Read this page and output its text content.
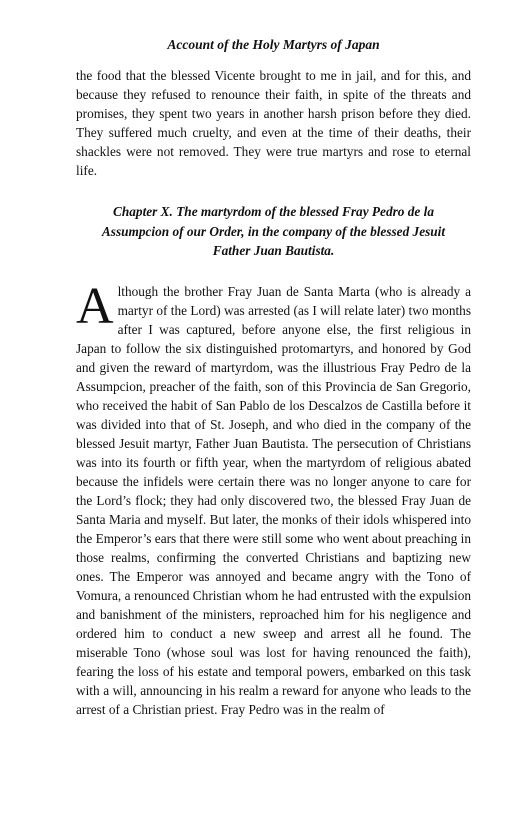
Account of the Holy Martyrs of Japan

the food that the blessed Vicente brought to me in jail, and for this, and because they refused to renounce their faith, in spite of the threats and promises, they spent two years in another harsh prison before they died. They suffered much cruelty, and even at the time of their deaths, their shackles were not removed. They were true martyrs and rose to eternal life.

Chapter X. The martyrdom of the blessed Fray Pedro de la Assumpcion of our Order, in the company of the blessed Jesuit Father Juan Bautista.
Although the brother Fray Juan de Santa Marta (who is already a martyr of the Lord) was arrested (as I will relate later) two months after I was captured, before anyone else, the first religious in Japan to follow the six distinguished protomartyrs, and honored by God and given the reward of martyrdom, was the illustrious Fray Pedro de la Assumpcion, preacher of the faith, son of this Provincia de San Gregorio, who received the habit of San Pablo de los Descalzos de Castilla before it was divided into that of St. Joseph, and who died in the company of the blessed Jesuit martyr, Father Juan Bautista. The persecution of Christians was into its fourth or fifth year, when the martyrdom of religious abated because the infidels were certain there was no longer anyone to care for the Lord’s flock; they had only discovered two, the blessed Fray Juan de Santa Maria and myself. But later, the monks of their idols whispered into the Emperor’s ears that there were still some who went about preaching in those realms, confirming the converted Christians and baptizing new ones. The Emperor was annoyed and became angry with the Tono of Vomura, a renounced Christian whom he had entrusted with the expulsion and banishment of the ministers, reproached him for his negligence and ordered him to conduct a new sweep and arrest all he found. The miserable Tono (whose soul was lost for having renounced the faith), fearing the loss of his estate and temporal powers, embarked on this task with a will, announcing in his realm a reward for anyone who leads to the arrest of a Christian priest. Fray Pedro was in the realm of
